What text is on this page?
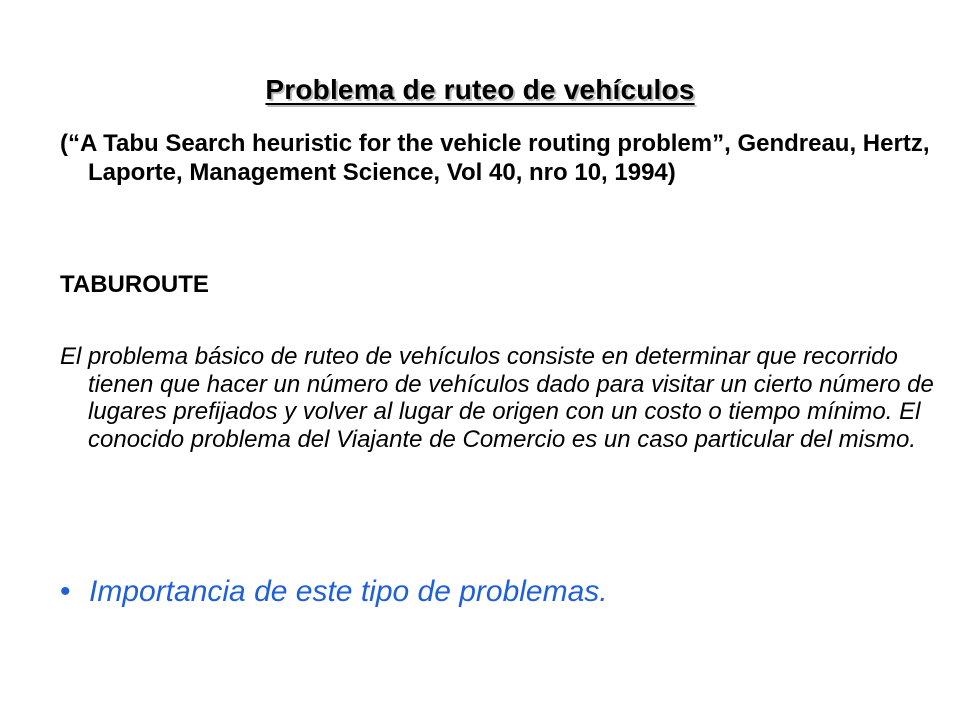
Problema de ruteo de vehículos

(“A Tabu Search heuristic for the vehicle routing problem”, Gendreau, Hertz, Laporte, Management Science, Vol 40, nro 10, 1994)

TABUROUTE

El problema básico de ruteo de vehículos consiste en determinar que recorrido tienen que hacer un número de vehículos dado para visitar un cierto número de lugares prefijados y volver al lugar de origen con un costo o tiempo mínimo. El conocido problema del Viajante de Comercio es un caso particular del mismo.

• Importancia de este tipo de problemas.
